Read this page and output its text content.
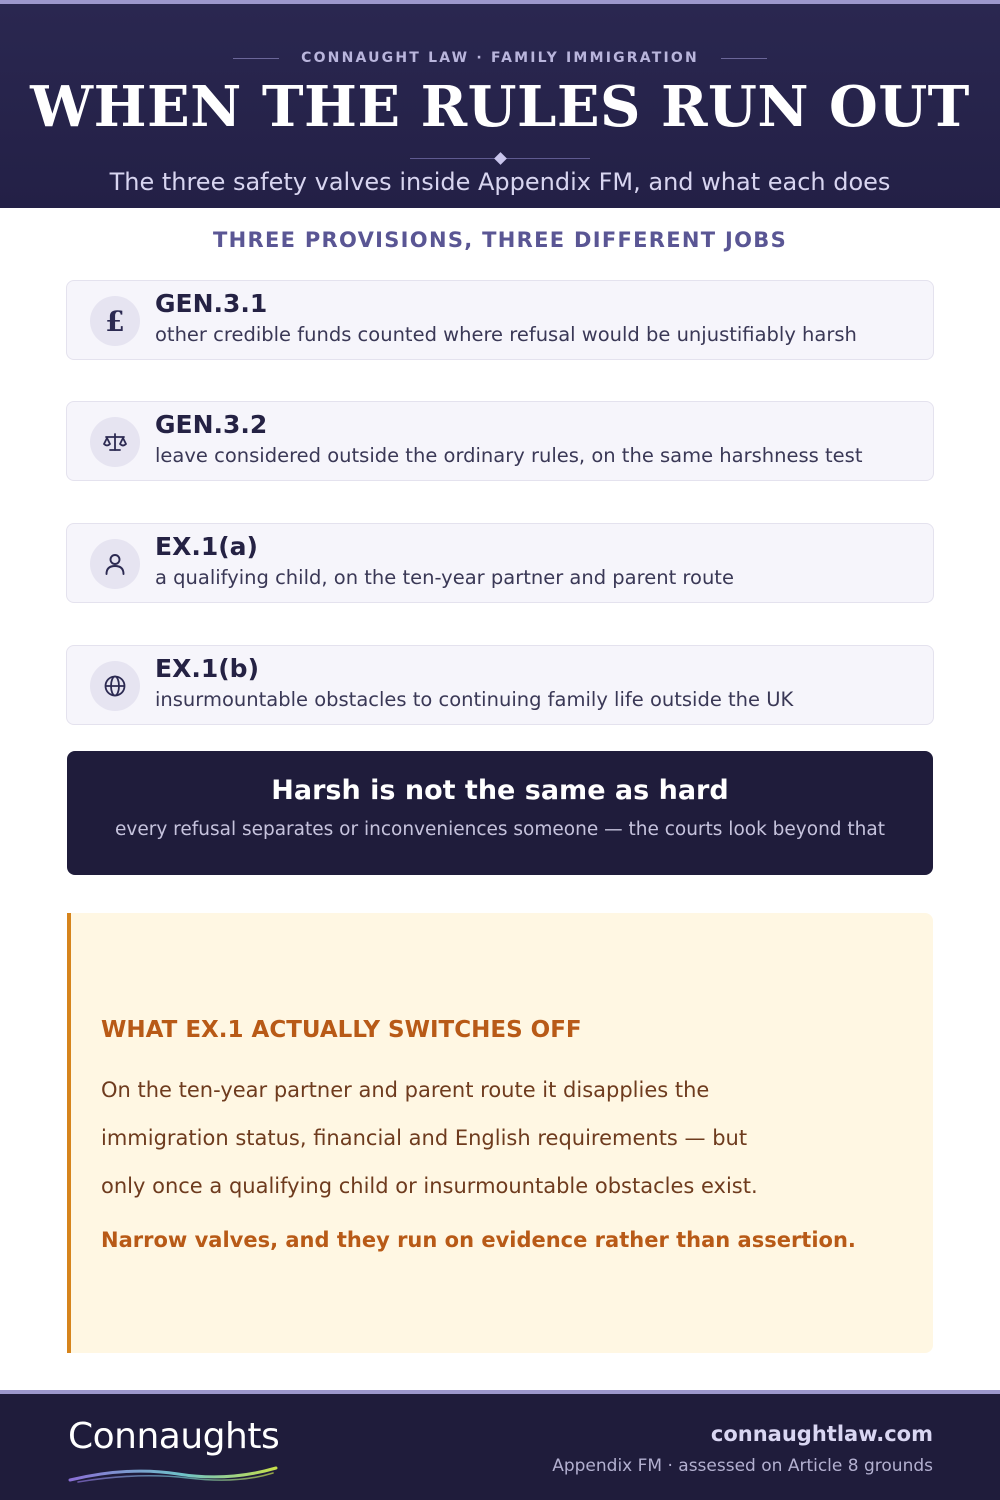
CONNAUGHT LAW · FAMILY IMMIGRATION
WHEN THE RULES RUN OUT
The three safety valves inside Appendix FM, and what each does
THREE PROVISIONS, THREE DIFFERENT JOBS
£
GEN.3.1
other credible funds counted where refusal would be unjustifiably harsh
GEN.3.2
leave considered outside the ordinary rules, on the same harshness test
EX.1(a)
a qualifying child, on the ten-year partner and parent route
EX.1(b)
insurmountable obstacles to continuing family life outside the UK
Harsh is not the same as hard
every refusal separates or inconveniences someone — the courts look beyond that
WHAT EX.1 ACTUALLY SWITCHES OFF
On the ten-year partner and parent route it disapplies the
immigration status, financial and English requirements — but
only once a qualifying child or insurmountable obstacles exist.
Narrow valves, and they run on evidence rather than assertion.
Connaughts	connaughtlaw.com
Appendix FM · assessed on Article 8 grounds
